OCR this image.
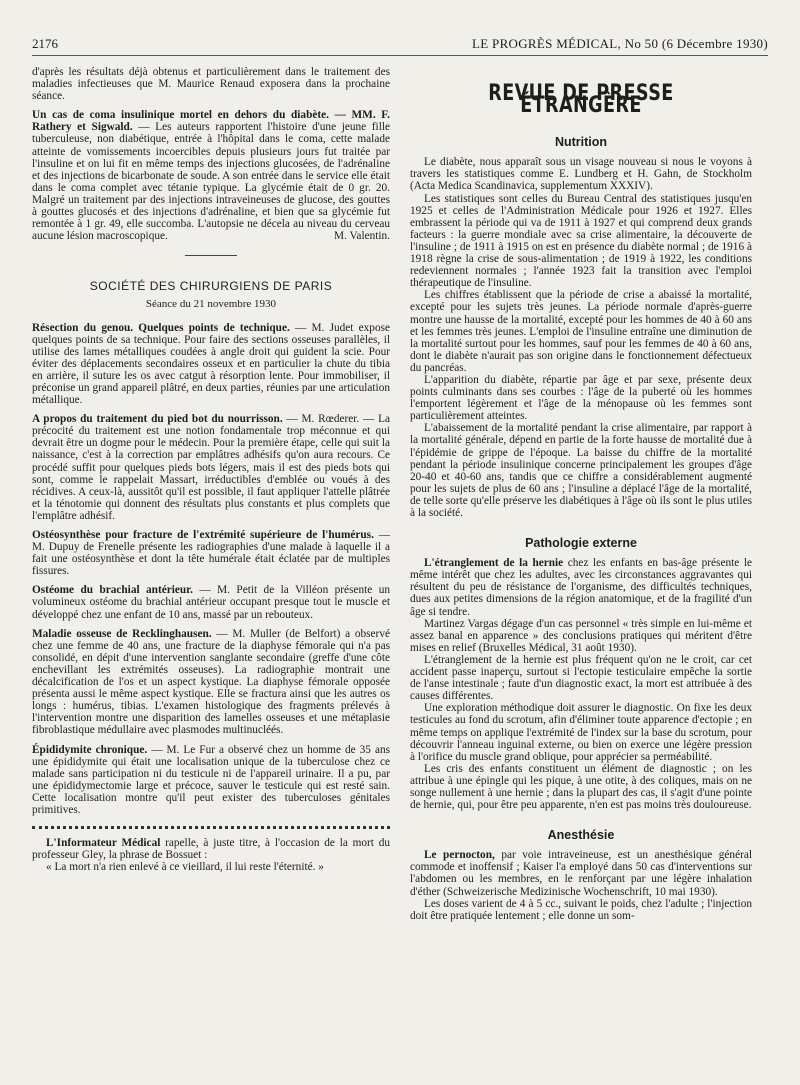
2176	LE PROGRÈS MÉDICAL, No 50 (6 Décembre 1930)

d'après les résultats déjà obtenus et particulièrement dans le traitement des maladies infectieuses que M. Maurice Renaud exposera dans la prochaine séance.

Un cas de coma insulinique mortel en dehors du diabète. — MM. F. Rathery et Sigwald. — Les auteurs rapportent l'histoire d'une jeune fille tuberculeuse, non diabétique, entrée à l'hôpital dans le coma, cette malade atteinte de vomissements incoercibles depuis plusieurs jours fut traitée par l'insuline et on lui fit en même temps des injections glucosées, de l'adrénaline et des injections de bicarbonate de soude. A son entrée dans le service elle était dans le coma complet avec tétanie typique. La glycémie était de 0 gr. 20. Malgré un traitement par des injections intraveineuses de glucose, des gouttes à gouttes glucosés et des injections d'adrénaline, et bien que sa glycémie fut remontée à 1 gr. 49, elle succomba. L'autopsie ne décela au niveau du cerveau aucune lésion macroscopique.	M. Valentin.

SOCIÉTÉ DES CHIRURGIENS DE PARIS
Séance du 21 novembre 1930

Résection du genou. Quelques points de technique. — M. Judet expose quelques points de sa technique. Pour faire des sections osseuses parallèles, il utilise des lames métalliques coudées à angle droit qui guident la scie. Pour éviter des déplacements secondaires osseux et en particulier la chute du tibia en arrière, il suture les os avec catgut à résorption lente. Pour immobiliser, il préconise un grand appareil plâtré, en deux parties, réunies par une articulation métallique.

A propos du traitement du pied bot du nourrisson. — M. Rœderer. — La précocité du traitement est une notion fondamentale trop méconnue et qui devrait être un dogme pour le médecin. Pour la première étape, celle qui suit la naissance, c'est à la correction par emplâtres adhésifs qu'on aura recours. Ce procédé suffit pour quelques pieds bots légers, mais il est des pieds bots qui sont, comme le rappelait Massart, irréductibles d'emblée ou voués à des récidives. A ceux-là, aussitôt qu'il est possible, il faut appliquer l'attelle plâtrée et la ténotomie qui donnent des résultats plus constants et plus complets que l'emplâtre adhésif.

Ostéosynthèse pour fracture de l'extrémité supérieure de l'humérus. — M. Dupuy de Frenelle présente les radiographies d'une malade à laquelle il a fait une ostéosynthèse et dont la tête humérale était éclatée par de multiples fissures.

Ostéome du brachial antérieur. — M. Petit de la Villéon présente un volumineux ostéome du brachial antérieur occupant presque tout le muscle et développé chez une enfant de 10 ans, massé par un rebouteux.

Maladie osseuse de Recklinghausen. — M. Muller (de Belfort) a observé chez une femme de 40 ans, une fracture de la diaphyse fémorale qui n'a pas consolidé, en dépit d'une intervention sanglante secondaire (greffe d'une côte enchevillant les extrémités osseuses). La radiographie montrait une décalcification de l'os et un aspect kystique. La diaphyse fémorale opposée présenta aussi le même aspect kystique. Elle se fractura ainsi que les autres os longs : humérus, tibias. L'examen histologique des fragments prélevés à l'intervention montre une disparition des lamelles osseuses et une métaplasie fibroblastique médullaire avec plasmodes multinucléés.

Épididymite chronique. — M. Le Fur a observé chez un homme de 35 ans une épididymite qui était une localisation unique de la tuberculose chez ce malade sans participation ni du testicule ni de l'appareil urinaire. Il a pu, par une épididymectomie large et précoce, sauver le testicule qui est resté sain. Cette localisation montre qu'il peut exister des tuberculoses génitales primitives.

L'Informateur Médical rapelle, à juste titre, à l'occasion de la mort du professeur Gley, la phrase de Bossuet :

« La mort n'a rien enlevé à ce vieillard, il lui reste l'éternité. »

REVUE DE PRESSE ÉTRANGÈRE
Nutrition

Le diabète, nous apparaît sous un visage nouveau si nous le voyons à travers les statistiques comme E. Lundberg et H. Gahn, de Stockholm (Acta Medica Scandinavica, supplementum XXXIV).

Les statistiques sont celles du Bureau Central des statistiques jusqu'en 1925 et celles de l'Administration Médicale pour 1926 et 1927. Elles embrassent la période qui va de 1911 à 1927 et qui comprend deux grands facteurs : la guerre mondiale avec sa crise alimentaire, la découverte de l'insuline ; de 1911 à 1915 on est en présence du diabète normal ; de 1916 à 1918 règne la crise de sous-alimentation ; de 1919 à 1922, les conditions redeviennent normales ; l'année 1923 fait la transition avec l'emploi thérapeutique de l'insuline.

Les chiffres établissent que la période de crise a abaissé la mortalité, excepté pour les sujets très jeunes. La période normale d'après-guerre montre une hausse de la mortalité, excepté pour les hommes de 40 à 60 ans et les femmes très jeunes. L'emploi de l'insuline entraîne une diminution de la mortalité surtout pour les hommes, sauf pour les femmes de 40 à 60 ans, dont le diabète n'aurait pas son origine dans le fonctionnement défectueux du pancréas.

L'apparition du diabète, répartie par âge et par sexe, présente deux points culminants dans ses courbes : l'âge de la puberté où les hommes l'emportent légèrement et l'âge de la ménopause où les femmes sont particulièrement atteintes.

L'abaissement de la mortalité pendant la crise alimentaire, par rapport à la mortalité générale, dépend en partie de la forte hausse de mortalité due à l'épidémie de grippe de l'époque. La baisse du chiffre de la mortalité pendant la période insulinique concerne principalement les groupes d'âge 20-40 et 40-60 ans, tandis que ce chiffre a considérablement augmenté pour les sujets de plus de 60 ans ; l'insuline a déplacé l'âge de la mortalité, de telle sorte qu'elle préserve les diabétiques à l'âge où ils sont le plus utiles à la société.

Pathologie externe

L'étranglement de la hernie chez les enfants en bas-âge présente le même intérêt que chez les adultes, avec les circonstances aggravantes qui résultent du peu de résistance de l'organisme, des difficultés techniques, dues aux petites dimensions de la région anatomique, et de la fragilité d'un âge si tendre.

Martinez Vargas dégage d'un cas personnel « très simple en lui-même et assez banal en apparence » des conclusions pratiques qui méritent d'être mises en relief (Bruxelles Médical, 31 août 1930).

L'étranglement de la hernie est plus fréquent qu'on ne le croit, car cet accident passe inaperçu, surtout si l'ectopie testiculaire empêche la sortie de l'anse intestinale ; faute d'un diagnostic exact, la mort est attribuée à des causes différentes.

Une exploration méthodique doit assurer le diagnostic. On fixe les deux testicules au fond du scrotum, afin d'éliminer toute apparence d'ectopie ; en même temps on applique l'extrémité de l'index sur la base du scrotum, pour découvrir l'anneau inguinal externe, ou bien on exerce une légère pression à l'orifice du muscle grand oblique, pour apprécier sa perméabilité.

Les cris des enfants constituent un élément de diagnostic ; on les attribue à une épingle qui les pique, à une otite, à des coliques, mais on ne songe nullement à une hernie ; dans la plupart des cas, il s'agit d'une pointe de hernie, qui, pour être peu apparente, n'en est pas moins très douloureuse.

Anesthésie

Le pernocton, par voie intraveineuse, est un anesthésique général commode et inoffensif ; Kaiser l'a employé dans 50 cas d'interventions sur l'abdomen ou les membres, en le renforçant par une légère inhalation d'éther (Schweizerische Medizinische Wochenschrift, 10 mai 1930).

Les doses varient de 4 à 5 cc., suivant le poids, chez l'adulte ; l'injection doit être pratiquée lentement ; elle donne un som-
